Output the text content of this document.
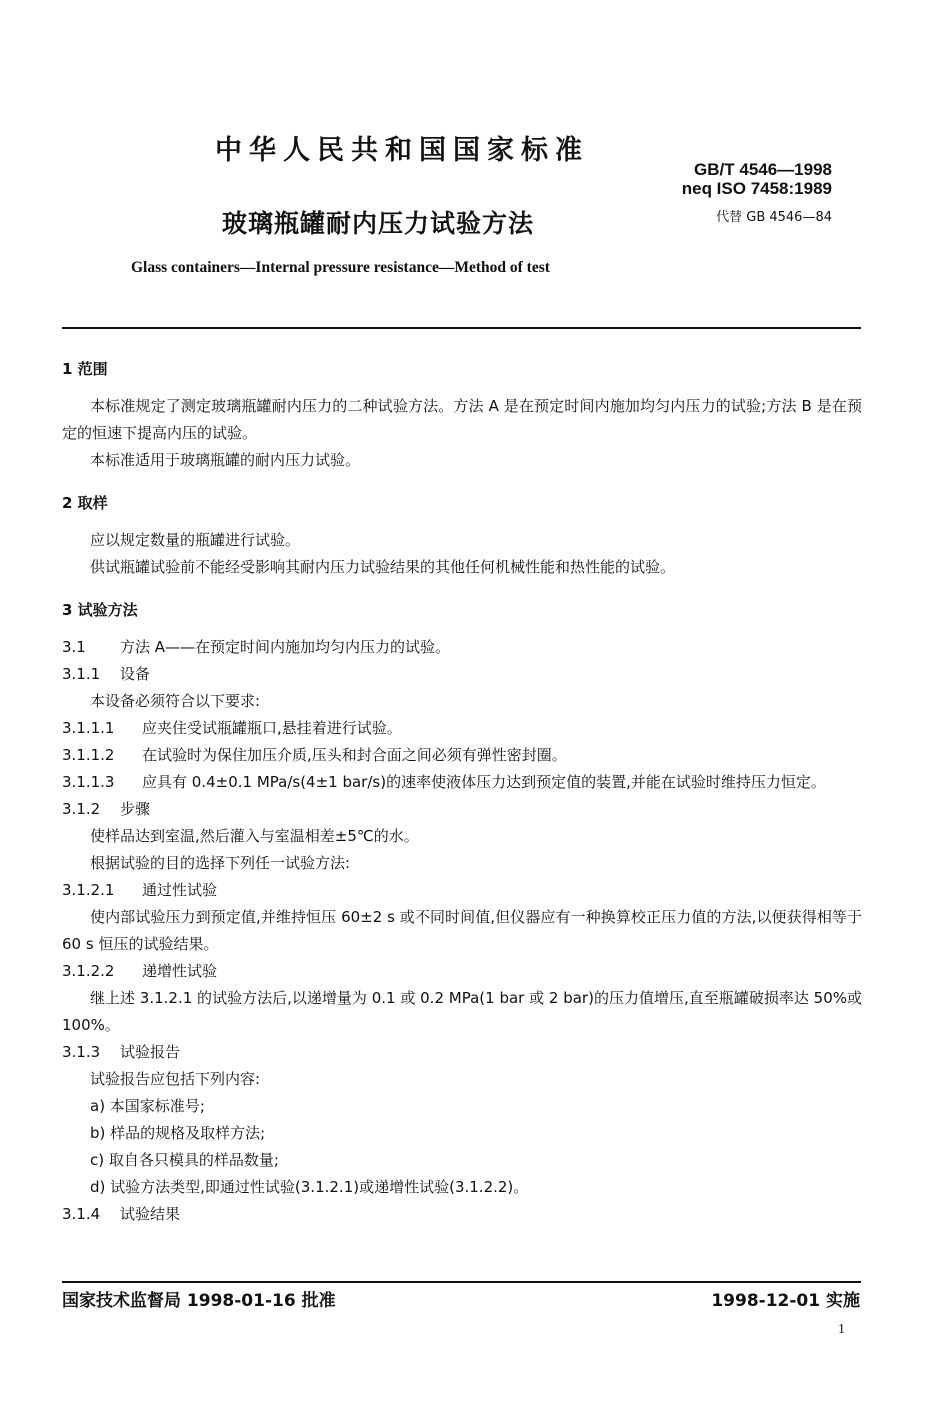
中华人民共和国国家标准
GB/T 4546—1998
neq ISO 7458:1989
代替 GB 4546—84
玻璃瓶罐耐内压力试验方法
Glass containers—Internal pressure resistance—Method of test
1 范围
本标准规定了测定玻璃瓶罐耐内压力的二种试验方法。方法 A 是在预定时间内施加均匀内压力的试验;方法 B 是在预定的恒速下提高内压的试验。
本标准适用于玻璃瓶罐的耐内压力试验。
2 取样
应以规定数量的瓶罐进行试验。
供试瓶罐试验前不能经受影响其耐内压力试验结果的其他任何机械性能和热性能的试验。
3 试验方法
3.1 方法 A——在预定时间内施加均匀内压力的试验。
3.1.1 设备
本设备必须符合以下要求:
3.1.1.1 应夹住受试瓶罐瓶口,悬挂着进行试验。
3.1.1.2 在试验时为保住加压介质,压头和封合面之间必须有弹性密封圈。
3.1.1.3 应具有 0.4±0.1 MPa/s(4±1 bar/s)的速率使液体压力达到预定值的装置,并能在试验时维持压力恒定。
3.1.2 步骤
使样品达到室温,然后灌入与室温相差±5℃的水。
根据试验的目的选择下列任一试验方法:
3.1.2.1 通过性试验
使内部试验压力到预定值,并维持恒压 60±2 s 或不同时间值,但仪器应有一种换算校正压力值的方法,以便获得相等于 60 s 恒压的试验结果。
3.1.2.2 递增性试验
继上述 3.1.2.1 的试验方法后,以递增量为 0.1 或 0.2 MPa(1 bar 或 2 bar)的压力值增压,直至瓶罐破损率达 50%或 100%。
3.1.3 试验报告
试验报告应包括下列内容:
a) 本国家标准号;
b) 样品的规格及取样方法;
c) 取自各只模具的样品数量;
d) 试验方法类型,即通过性试验(3.1.2.1)或递增性试验(3.1.2.2)。
3.1.4 试验结果
国家技术监督局 1998-01-16 批准	1998-12-01 实施
1
